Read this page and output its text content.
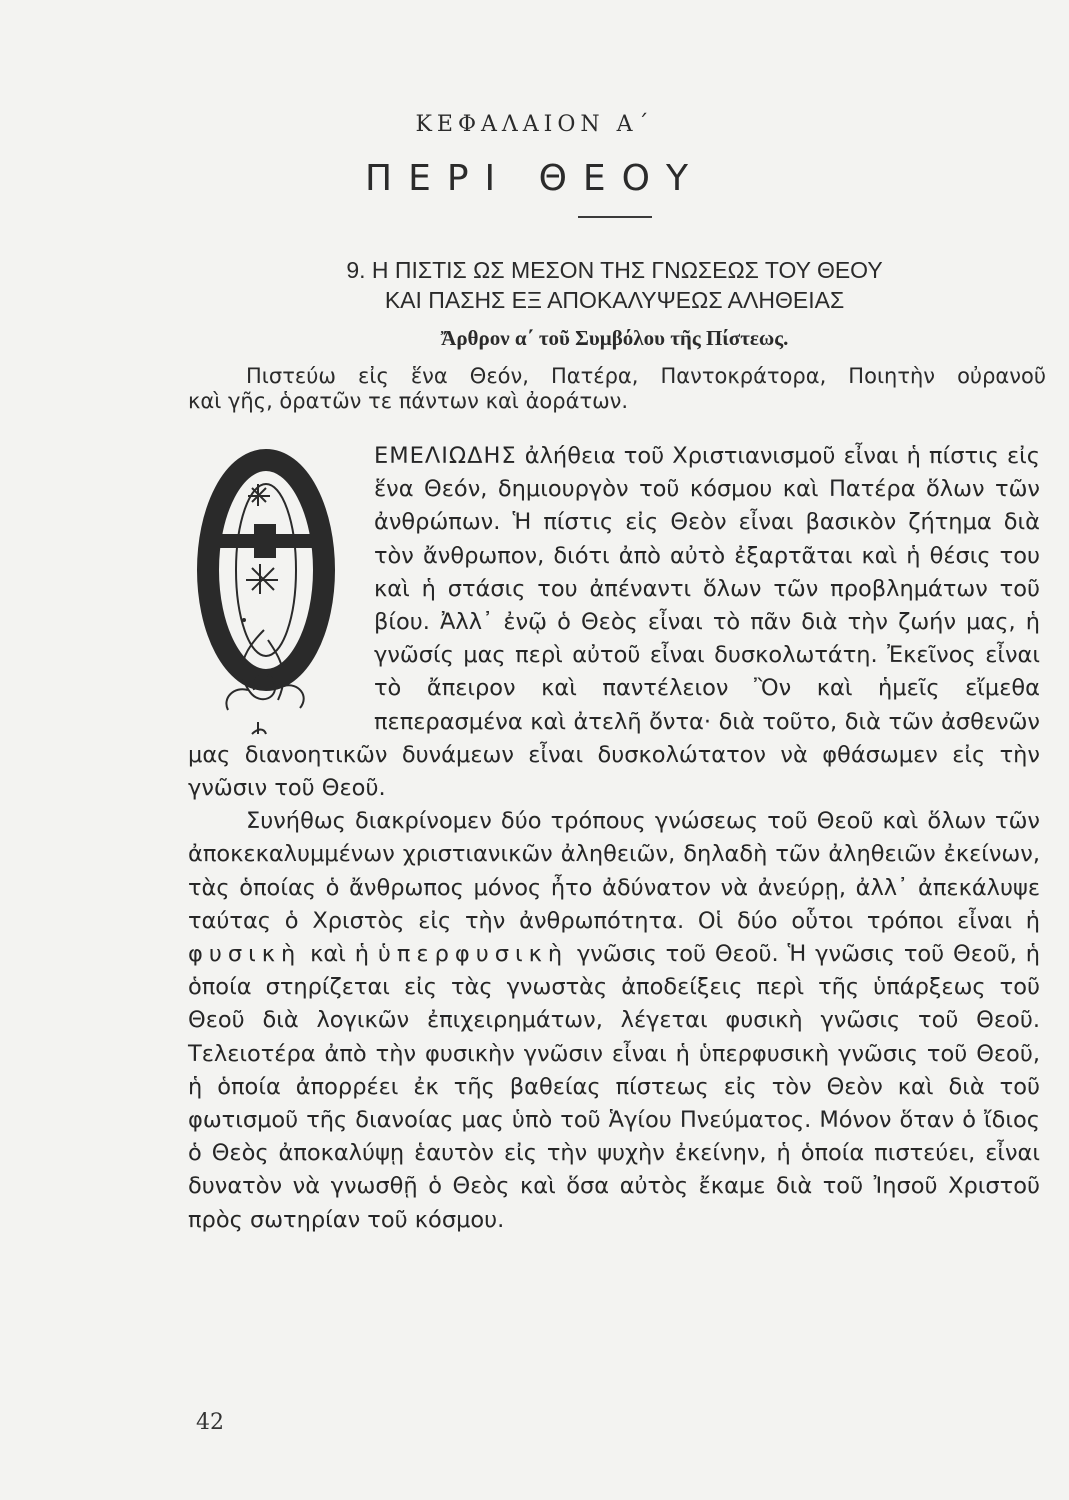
ΚΕΦΑΛΑΙΟΝ Α΄
ΠΕΡΙ ΘΕΟΥ
9. Η ΠΙΣΤΙΣ ΩΣ ΜΕΣΟΝ ΤΗΣ ΓΝΩΣΕΩΣ ΤΟΥ ΘΕΟΥ
ΚΑΙ ΠΑΣΗΣ ΕΞ ΑΠΟΚΑΛΥΨΕΩΣ ΑΛΗΘΕΙΑΣ
Ἄρθρον α΄ τοῦ Συμβόλου τῆς Πίστεως.
Πιστεύω εἰς ἕνα Θεόν, Πατέρα, Παντοκράτορα, Ποιητὴν οὐρανοῦ
καὶ γῆς, ὁρατῶν τε πάντων καὶ ἀοράτων.
Θ

ΕΜΕΛΙΩΔΗΣ ἀλήθεια τοῦ Χριστιανισμοῦ εἶναι ἡ πίστις εἰς ἕνα Θεόν, δημιουργὸν τοῦ κόσμου καὶ Πατέρα ὅλων τῶν ἀνθρώπων. Ἡ πίστις εἰς Θεὸν εἶναι βασικὸν ζήτημα διὰ τὸν ἄνθρωπον, διότι ἀπὸ αὐτὸ ἐξαρτᾶται καὶ ἡ θέσις του καὶ ἡ στάσις του ἀπέναντι ὅλων τῶν προβλημάτων τοῦ βίου. Ἀλλ᾿ ἐνῷ ὁ Θεὸς εἶναι τὸ πᾶν διὰ τὴν ζωήν μας, ἡ γνῶσίς μας περὶ αὐτοῦ εἶναι δυσκολωτάτη. Ἐκεῖνος εἶναι τὸ ἄπειρον καὶ παντέλειον Ὂν καὶ ἡμεῖς εἴμεθα πεπερασμένα καὶ ἀτελῆ ὄντα· διὰ τοῦτο, διὰ τῶν ἀσθενῶν μας διανοητικῶν δυνάμεων εἶναι δυσκολώτατον νὰ φθάσωμεν εἰς τὴν γνῶσιν τοῦ Θεοῦ.

Συνήθως διακρίνομεν δύο τρόπους γνώσεως τοῦ Θεοῦ καὶ ὅλων τῶν ἀποκεκαλυμμένων χριστιανικῶν ἀληθειῶν, δηλαδὴ τῶν ἀληθειῶν ἐκείνων, τὰς ὁποίας ὁ ἄνθρωπος μόνος ἦτο ἀδύνατον νὰ ἀνεύρῃ, ἀλλ᾿ ἀπεκάλυψε ταύτας ὁ Χριστὸς εἰς τὴν ἀνθρωπότητα. Οἱ δύο οὗτοι τρόποι εἶναι ἡ φυσικὴ καὶ ἡ ὑπερφυσικὴ γνῶσις τοῦ Θεοῦ. Ἡ γνῶσις τοῦ Θεοῦ, ἡ ὁποία στηρίζεται εἰς τὰς γνωστὰς ἀποδείξεις περὶ τῆς ὑπάρξεως τοῦ Θεοῦ διὰ λογικῶν ἐπιχειρημάτων, λέγεται φυσικὴ γνῶσις τοῦ Θεοῦ. Τελειοτέρα ἀπὸ τὴν φυσικὴν γνῶσιν εἶναι ἡ ὑπερφυσικὴ γνῶσις τοῦ Θεοῦ, ἡ ὁποία ἀπορρέει ἐκ τῆς βαθείας πίστεως εἰς τὸν Θεὸν καὶ διὰ τοῦ φωτισμοῦ τῆς διανοίας μας ὑπὸ τοῦ Ἁγίου Πνεύματος. Μόνον ὅταν ὁ ἴδιος ὁ Θεὸς ἀποκαλύψῃ ἑαυτὸν εἰς τὴν ψυχὴν ἐκείνην, ἡ ὁποία πιστεύει, εἶναι δυνατὸν νὰ γνωσθῇ ὁ Θεὸς καὶ ὅσα αὐτὸς ἔκαμε διὰ τοῦ Ἰησοῦ Χριστοῦ πρὸς σωτηρίαν τοῦ κόσμου.

42
